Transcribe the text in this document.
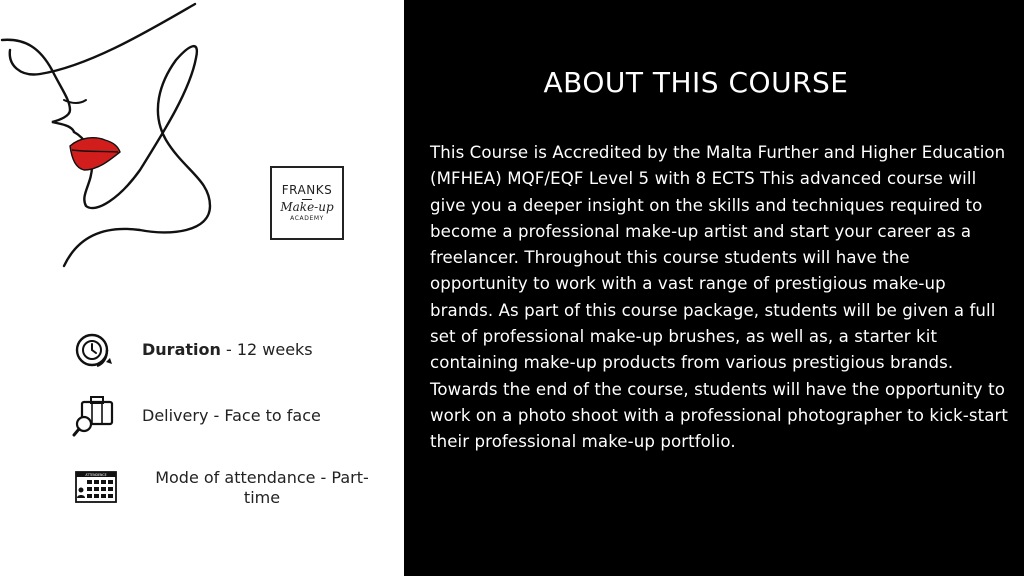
FRANKS
Make-up
ACADEMY
Duration - 12 weeks
Delivery - Face to face
ATTENDENCE	Mode of attendance - Part-time
ABOUT THIS COURSE

This Course is Accredited by the Malta Further and Higher Education (MFHEA) MQF/EQF Level 5 with 8 ECTS This advanced course will give you a deeper insight on the skills and techniques required to become a professional make-up artist and start your career as a freelancer. Throughout this course students will have the opportunity to work with a vast range of prestigious make-up brands. As part of this course package, students will be given a full set of professional make-up brushes, as well as, a starter kit containing make-up products from various prestigious brands. Towards the end of the course, students will have the opportunity to work on a photo shoot with a professional photographer to kick-start their professional make-up portfolio.
